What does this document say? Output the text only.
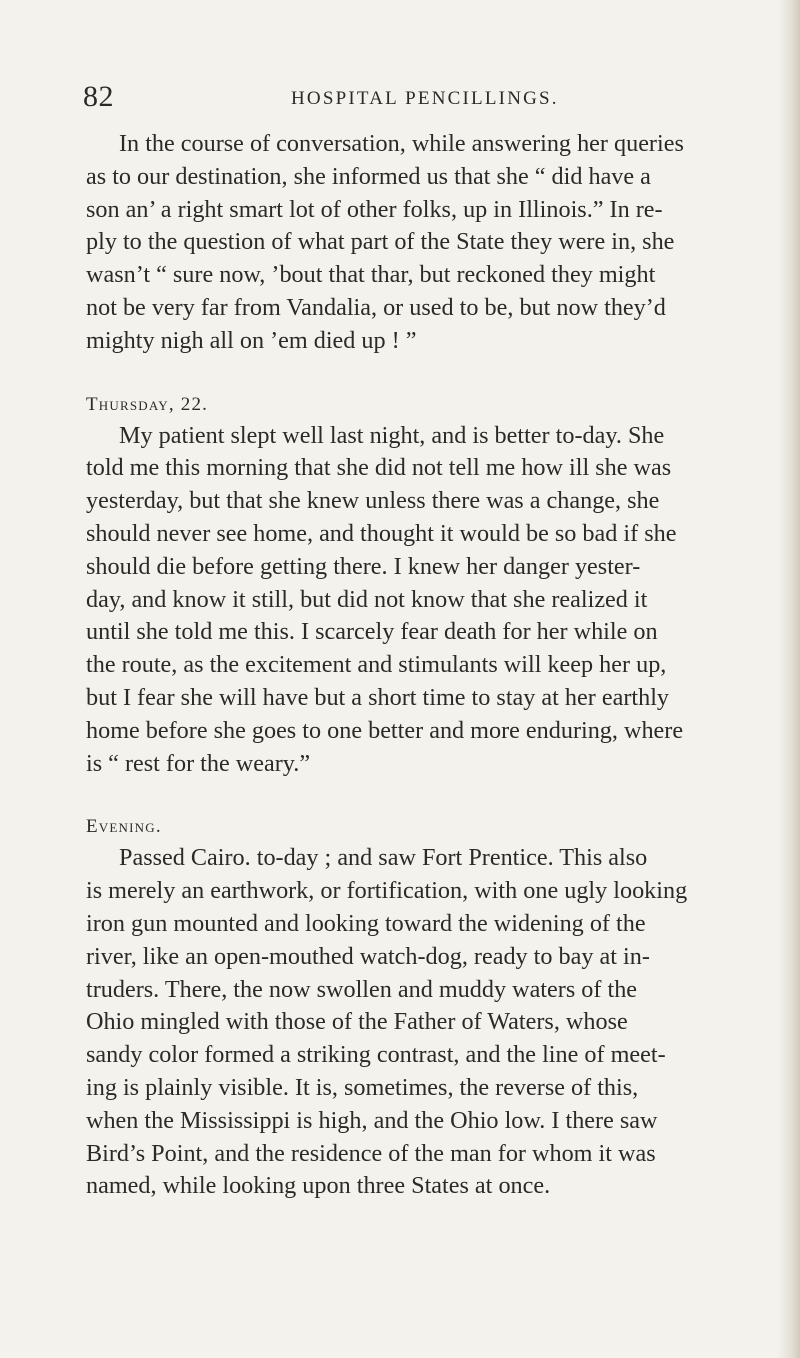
82	HOSPITAL PENCILLINGS.

In the course of conversation, while answering her queries
as to our destination, she informed us that she “ did have a
son an’ a right smart lot of other folks, up in Illinois.” In re-
ply to the question of what part of the State they were in, she
wasn’t “ sure now, ’bout that thar, but reckoned they might
not be very far from Vandalia, or used to be, but now they’d
mighty nigh all on ’em died up ! ”

Thursday, 22.

My patient slept well last night, and is better to-day. She
told me this morning that she did not tell me how ill she was
yesterday, but that she knew unless there was a change, she
should never see home, and thought it would be so bad if she
should die before getting there. I knew her danger yester-
day, and know it still, but did not know that she realized it
until she told me this. I scarcely fear death for her while on
the route, as the excitement and stimulants will keep her up,
but I fear she will have but a short time to stay at her earthly
home before she goes to one better and more enduring, where
is “ rest for the weary.”

Evening.

Passed Cairo. to-day ; and saw Fort Prentice. This also
is merely an earthwork, or fortification, with one ugly looking
iron gun mounted and looking toward the widening of the
river, like an open-mouthed watch-dog, ready to bay at in-
truders. There, the now swollen and muddy waters of the
Ohio mingled with those of the Father of Waters, whose
sandy color formed a striking contrast, and the line of meet-
ing is plainly visible. It is, sometimes, the reverse of this,
when the Mississippi is high, and the Ohio low. I there saw
Bird’s Point, and the residence of the man for whom it was
named, while looking upon three States at once.
